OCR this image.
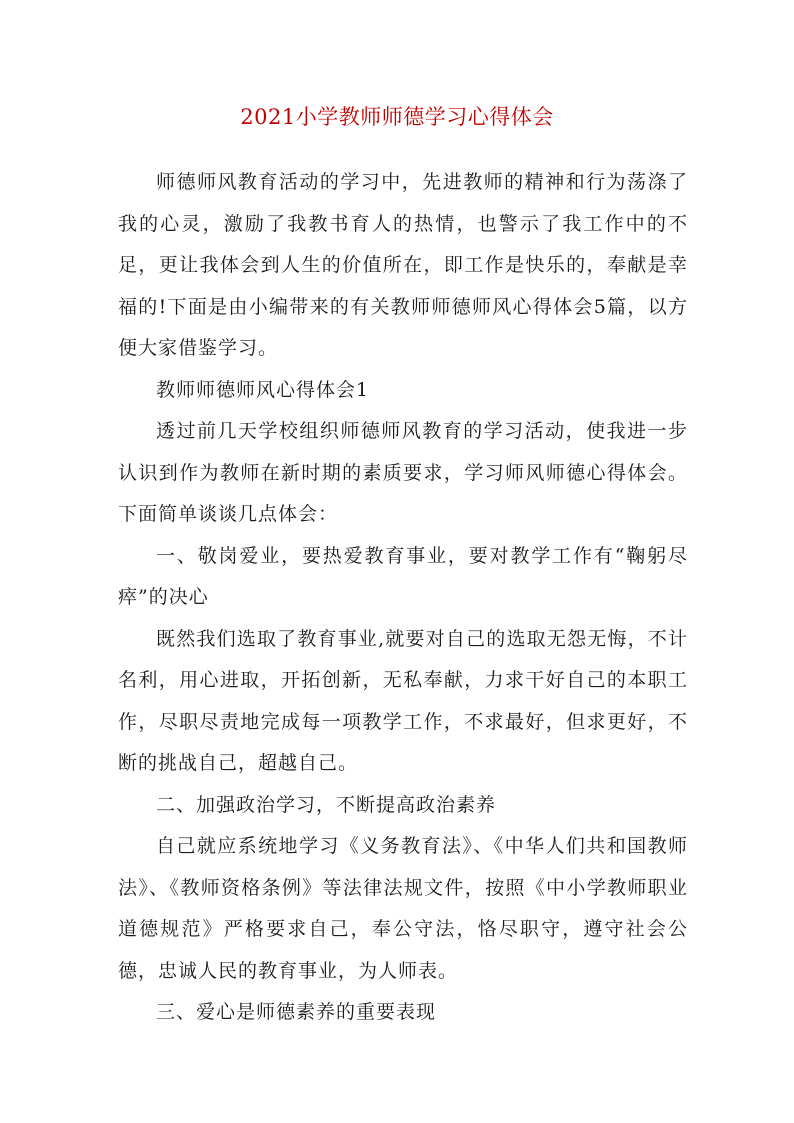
2021小学教师师德学习心得体会

师德师风教育活动的学习中，先进教师的精神和行为荡涤了我的心灵，激励了我教书育人的热情，也警示了我工作中的不足，更让我体会到人生的价值所在，即工作是快乐的，奉献是幸福的!下面是由小编带来的有关教师师德师风心得体会5篇，以方便大家借鉴学习。

教师师德师风心得体会1

透过前几天学校组织师德师风教育的学习活动，使我进一步认识到作为教师在新时期的素质要求，学习师风师德心得体会。下面简单谈谈几点体会：

一、敬岗爱业，要热爱教育事业，要对教学工作有“鞠躬尽瘁”的决心

既然我们选取了教育事业,就要对自己的选取无怨无悔，不计名利，用心进取，开拓创新，无私奉献，力求干好自己的本职工作，尽职尽责地完成每一项教学工作，不求最好，但求更好，不断的挑战自己，超越自己。

二、加强政治学习，不断提高政治素养

自己就应系统地学习《义务教育法》、《中华人们共和国教师法》、《教师资格条例》等法律法规文件，按照《中小学教师职业道德规范》严格要求自己，奉公守法，恪尽职守，遵守社会公德，忠诚人民的教育事业，为人师表。

三、爱心是师德素养的重要表现
